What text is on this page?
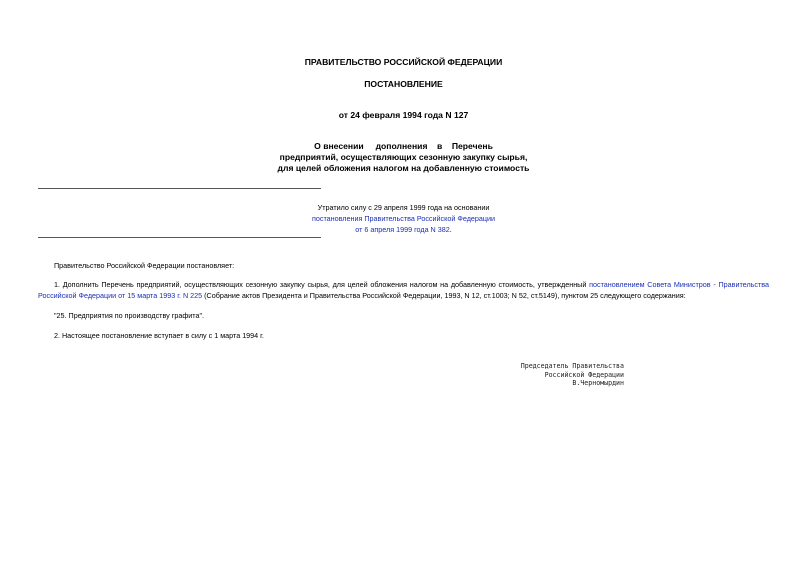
ПРАВИТЕЛЬСТВО РОССИЙСКОЙ ФЕДЕРАЦИИ
ПОСТАНОВЛЕНИЕ
от 24 февраля 1994 года N 127
О внесении     дополнения    в    Перечень
предприятий, осуществляющих сезонную закупку сырья,
для целей обложения налогом на добавленную стоимость
Утратило силу с 29 апреля 1999 года на основании
постановления Правительства Российской Федерации
от 6 апреля 1999 года N 382.
Правительство Российской Федерации постановляет:
1. Дополнить Перечень предприятий, осуществляющих сезонную закупку сырья, для целей обложения налогом на добавленную стоимость, утвержденный постановлением Совета Министров - Правительства Российской Федерации от 15 марта 1993 г. N 225 (Собрание актов Президента и Правительства Российской Федерации, 1993, N 12, ст.1003; N 52, ст.5149), пунктом 25 следующего содержания:
"25. Предприятия по производству графита".
2. Настоящее постановление вступает в силу с 1 марта 1994 г.
Председатель Правительства
Российской Федерации
В.Черномырдин
